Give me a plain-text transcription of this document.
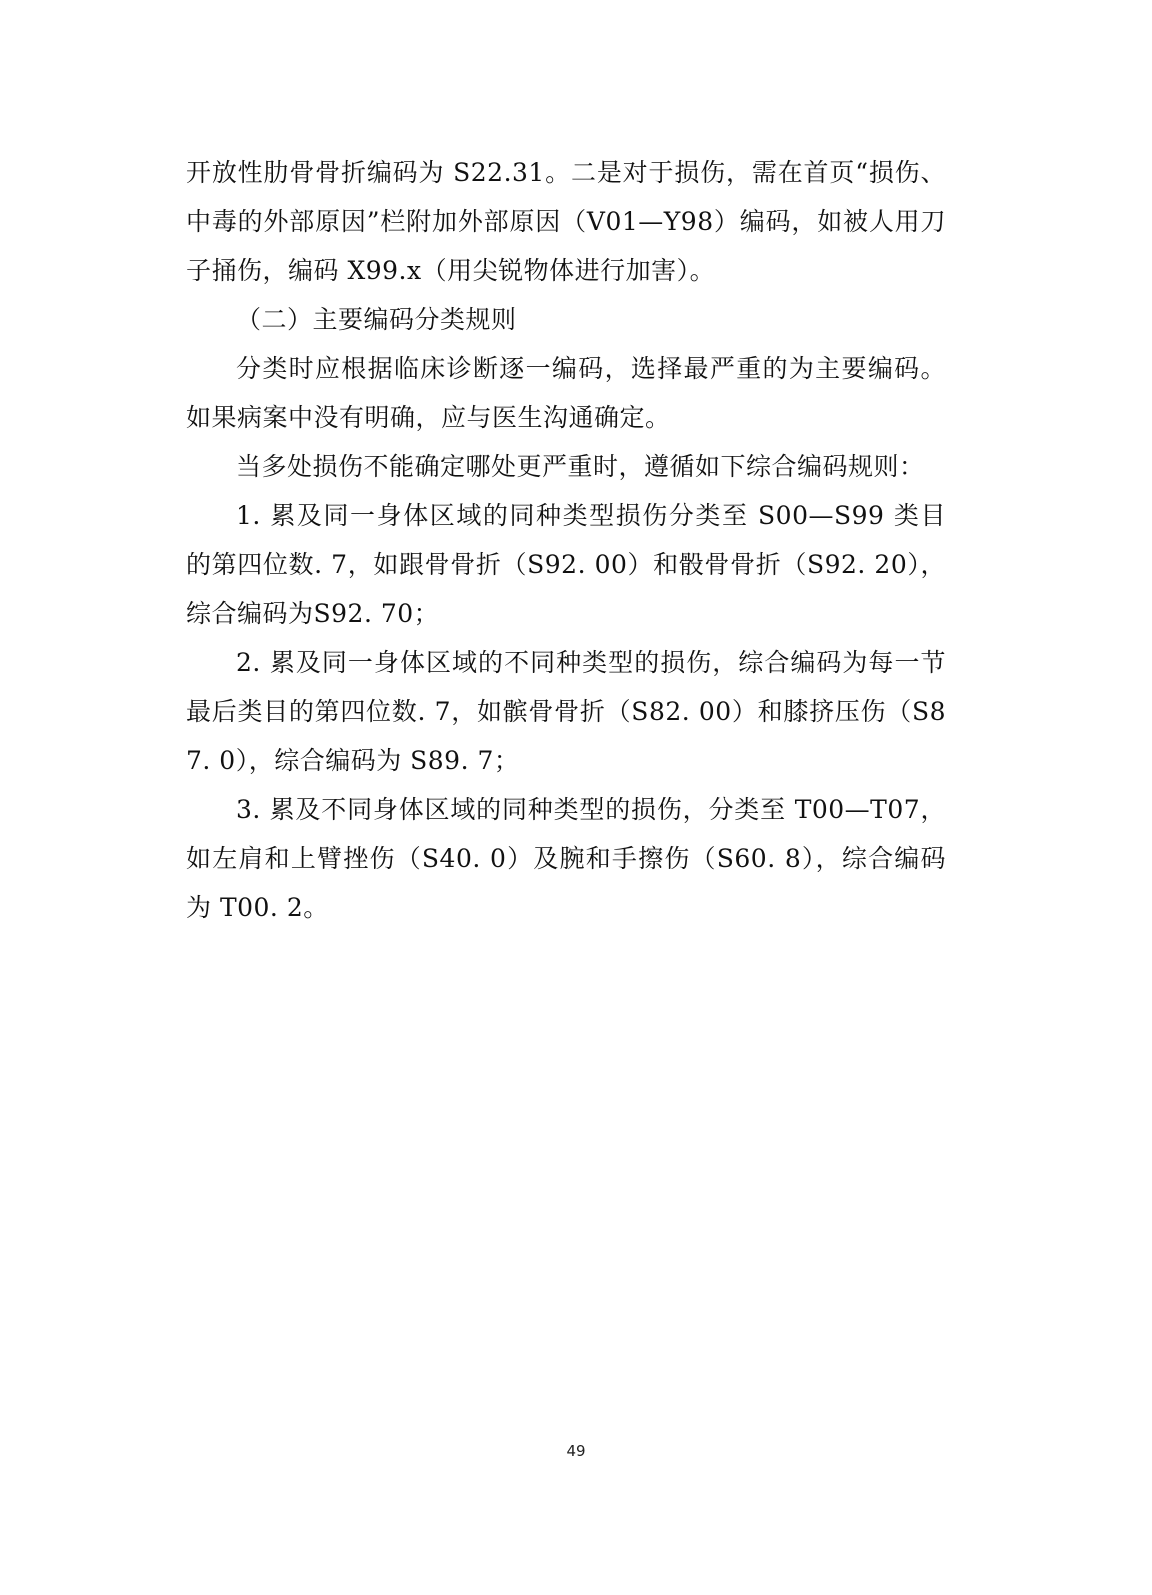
开放性肋骨骨折编码为 S22.31。二是对于损伤，需在首页“损伤、中毒的外部原因”栏附加外部原因（V01—Y98）编码，如被人用刀子捅伤，编码 X99.x（用尖锐物体进行加害）。

（二）主要编码分类规则

分类时应根据临床诊断逐一编码，选择最严重的为主要编码。如果病案中没有明确，应与医生沟通确定。

当多处损伤不能确定哪处更严重时，遵循如下综合编码规则：

1. 累及同一身体区域的同种类型损伤分类至 S00—S99 类目的第四位数. 7，如跟骨骨折（S92. 00）和骰骨骨折（S92. 20），综合编码为S92. 70；

2. 累及同一身体区域的不同种类型的损伤，综合编码为每一节最后类目的第四位数. 7，如髌骨骨折（S82. 00）和膝挤压伤（S87. 0），综合编码为 S89. 7；

3. 累及不同身体区域的同种类型的损伤，分类至 T00—T07，如左肩和上臂挫伤（S40. 0）及腕和手擦伤（S60. 8），综合编码为 T00. 2。

49
